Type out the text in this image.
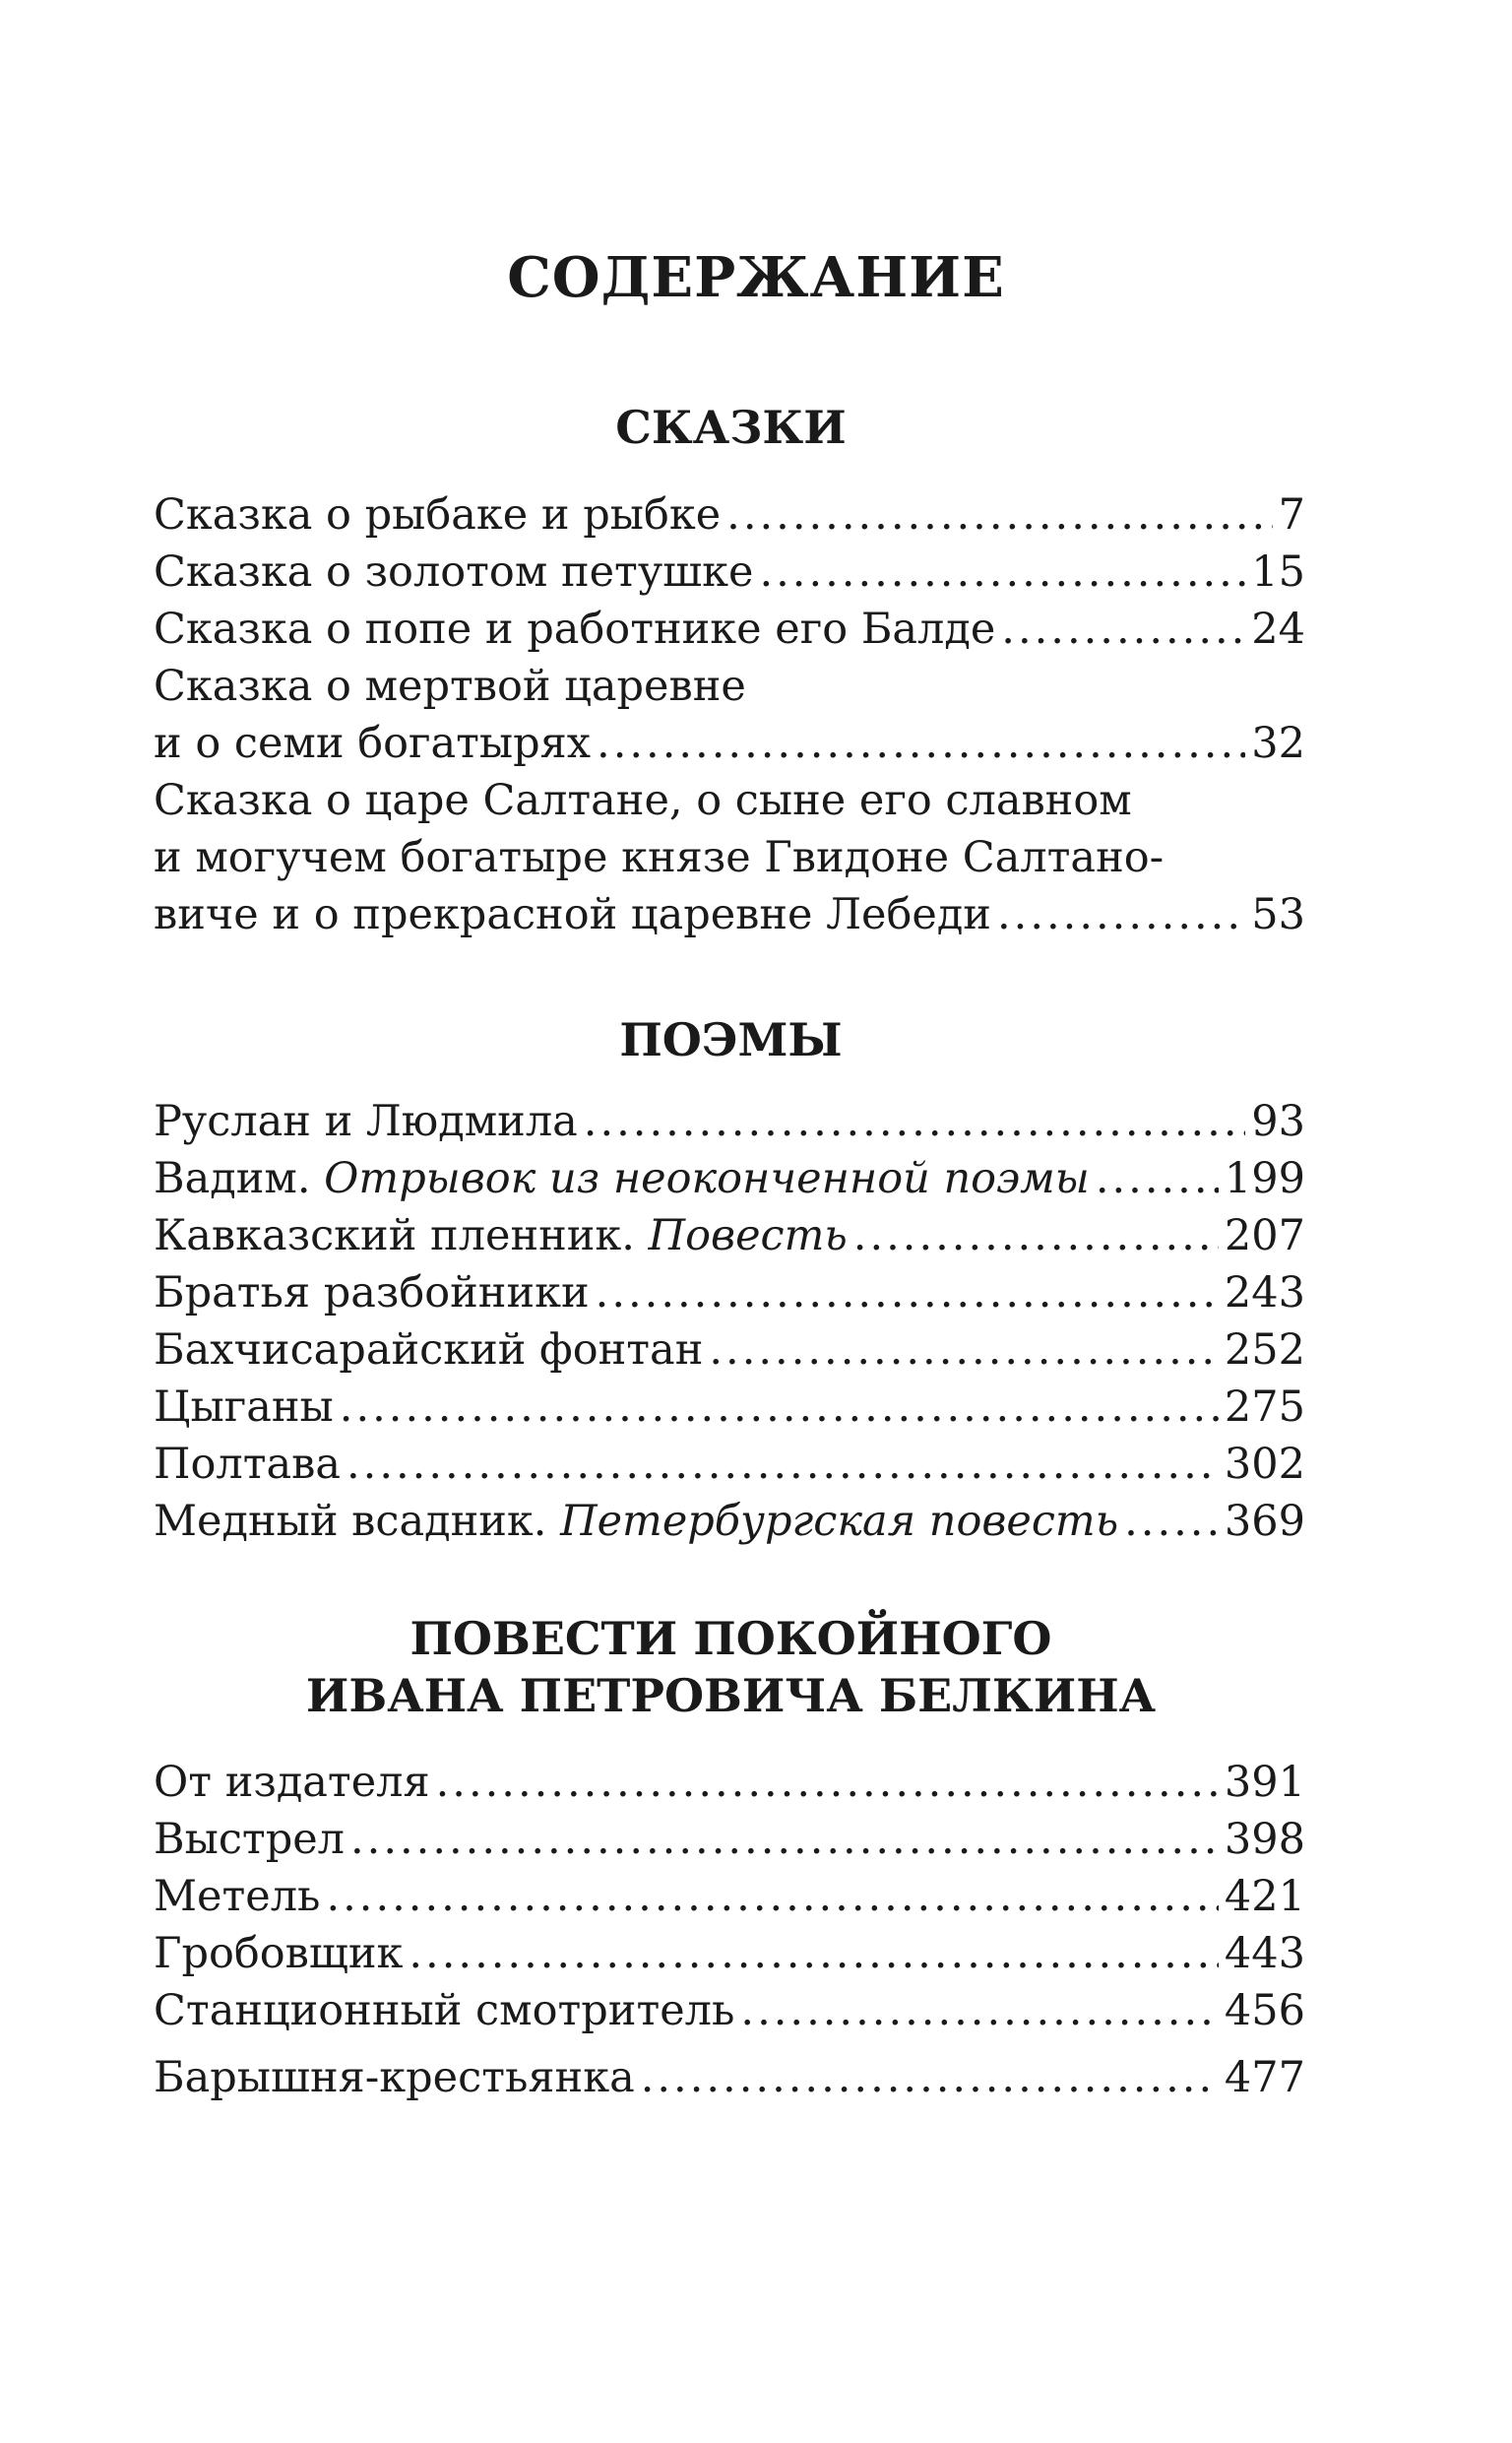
СОДЕРЖАНИЕ
СКАЗКИ
Сказка о рыбаке и рыбке .....	7
Сказка о золотом петушке .....	15
Сказка о попе и работнике его Балде .....	24
Сказка о мертвой царевне
и о семи богатырях .....	32
Сказка о царе Салтане, о сыне его славном
и могучем богатыре князе Гвидоне Салтано-
виче и о прекрасной царевне Лебеди .....	53
ПОЭМЫ
Руслан и Людмила .....	93
Вадим. Отрывок из неоконченной поэмы .....	199
Кавказский пленник. Повесть .....	207
Братья разбойники .....	243
Бахчисарайский фонтан .....	252
Цыганы .....	275
Полтава .....	302
Медный всадник. Петербургская повесть .....	369
ПОВЕСТИ ПОКОЙНОГО
ИВАНА ПЕТРОВИЧА БЕЛКИНА
От издателя .....	391
Выстрел .....	398
Метель .....	421
Гробовщик .....	443
Станционный смотритель .....	456
Барышня-крестьянка .....	477
